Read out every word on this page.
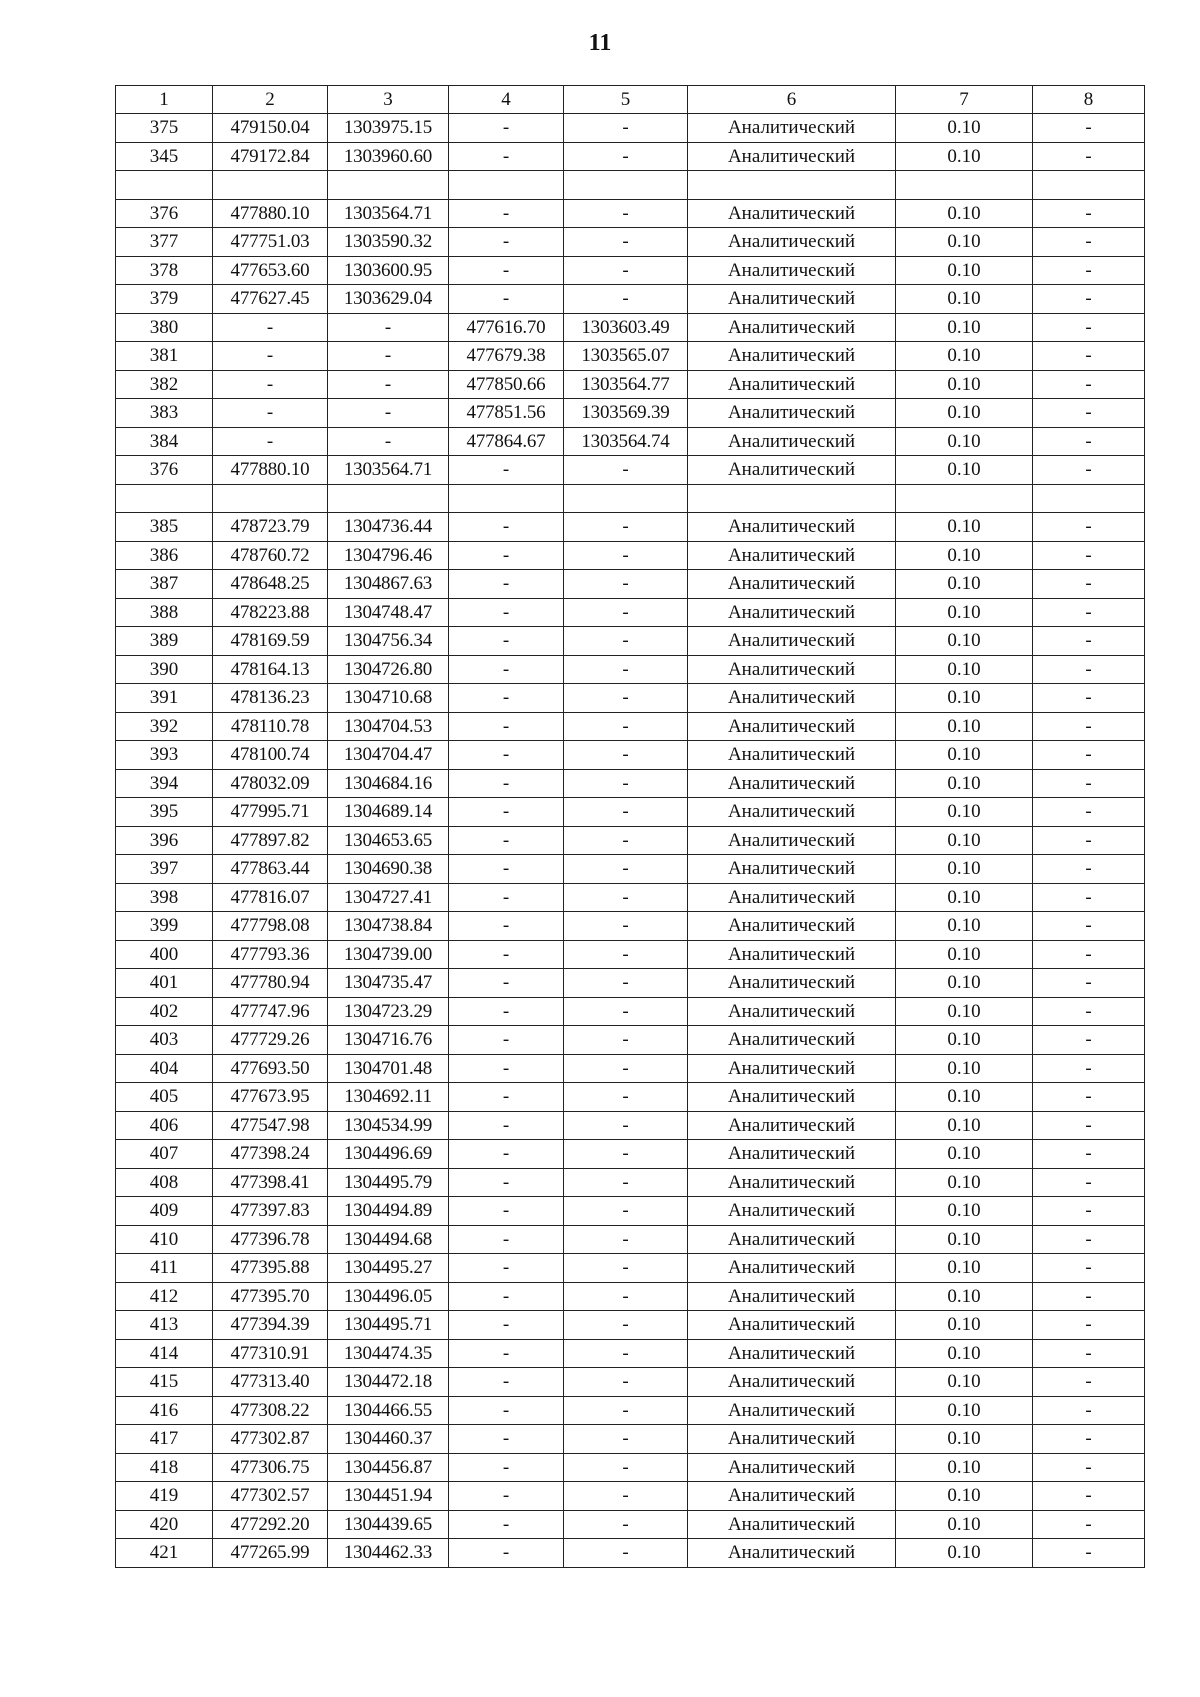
11
1	2	3	4	5	6	7	8
375	479150.04	1303975.15	-	-	Аналитический	0.10	-
345	479172.84	1303960.60	-	-	Аналитический	0.10	-

376	477880.10	1303564.71	-	-	Аналитический	0.10	-
377	477751.03	1303590.32	-	-	Аналитический	0.10	-
378	477653.60	1303600.95	-	-	Аналитический	0.10	-
379	477627.45	1303629.04	-	-	Аналитический	0.10	-
380	-	-	477616.70	1303603.49	Аналитический	0.10	-
381	-	-	477679.38	1303565.07	Аналитический	0.10	-
382	-	-	477850.66	1303564.77	Аналитический	0.10	-
383	-	-	477851.56	1303569.39	Аналитический	0.10	-
384	-	-	477864.67	1303564.74	Аналитический	0.10	-
376	477880.10	1303564.71	-	-	Аналитический	0.10	-

385	478723.79	1304736.44	-	-	Аналитический	0.10	-
386	478760.72	1304796.46	-	-	Аналитический	0.10	-
387	478648.25	1304867.63	-	-	Аналитический	0.10	-
388	478223.88	1304748.47	-	-	Аналитический	0.10	-
389	478169.59	1304756.34	-	-	Аналитический	0.10	-
390	478164.13	1304726.80	-	-	Аналитический	0.10	-
391	478136.23	1304710.68	-	-	Аналитический	0.10	-
392	478110.78	1304704.53	-	-	Аналитический	0.10	-
393	478100.74	1304704.47	-	-	Аналитический	0.10	-
394	478032.09	1304684.16	-	-	Аналитический	0.10	-
395	477995.71	1304689.14	-	-	Аналитический	0.10	-
396	477897.82	1304653.65	-	-	Аналитический	0.10	-
397	477863.44	1304690.38	-	-	Аналитический	0.10	-
398	477816.07	1304727.41	-	-	Аналитический	0.10	-
399	477798.08	1304738.84	-	-	Аналитический	0.10	-
400	477793.36	1304739.00	-	-	Аналитический	0.10	-
401	477780.94	1304735.47	-	-	Аналитический	0.10	-
402	477747.96	1304723.29	-	-	Аналитический	0.10	-
403	477729.26	1304716.76	-	-	Аналитический	0.10	-
404	477693.50	1304701.48	-	-	Аналитический	0.10	-
405	477673.95	1304692.11	-	-	Аналитический	0.10	-
406	477547.98	1304534.99	-	-	Аналитический	0.10	-
407	477398.24	1304496.69	-	-	Аналитический	0.10	-
408	477398.41	1304495.79	-	-	Аналитический	0.10	-
409	477397.83	1304494.89	-	-	Аналитический	0.10	-
410	477396.78	1304494.68	-	-	Аналитический	0.10	-
411	477395.88	1304495.27	-	-	Аналитический	0.10	-
412	477395.70	1304496.05	-	-	Аналитический	0.10	-
413	477394.39	1304495.71	-	-	Аналитический	0.10	-
414	477310.91	1304474.35	-	-	Аналитический	0.10	-
415	477313.40	1304472.18	-	-	Аналитический	0.10	-
416	477308.22	1304466.55	-	-	Аналитический	0.10	-
417	477302.87	1304460.37	-	-	Аналитический	0.10	-
418	477306.75	1304456.87	-	-	Аналитический	0.10	-
419	477302.57	1304451.94	-	-	Аналитический	0.10	-
420	477292.20	1304439.65	-	-	Аналитический	0.10	-
421	477265.99	1304462.33	-	-	Аналитический	0.10	-
